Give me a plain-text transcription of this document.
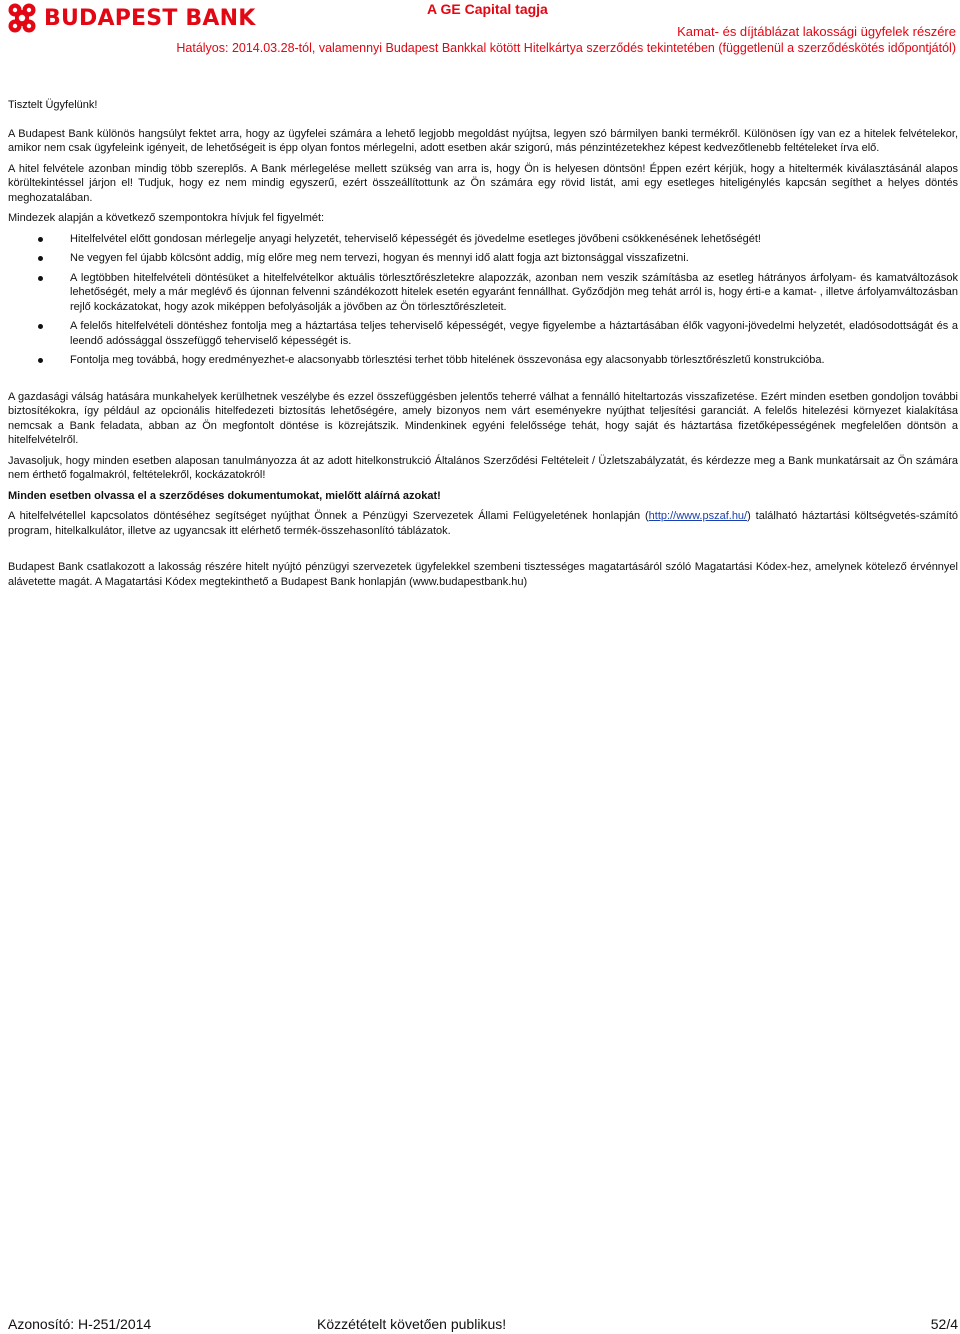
BUDAPEST BANK	A GE Capital tagja
Kamat- és díjtáblázat lakossági ügyfelek részére
Hatályos: 2014.03.28-tól, valamennyi Budapest Bankkal kötött Hitelkártya szerződés tekintetében (függetlenül a szerződéskötés időpontjától)

Tisztelt Ügyfelünk!

A Budapest Bank különös hangsúlyt fektet arra, hogy az ügyfelei számára a lehető legjobb megoldást nyújtsa, legyen szó bármilyen banki termékről. Különösen így van ez a hitelek felvételekor, amikor nem csak ügyfeleink igényeit, de lehetőségeit is épp olyan fontos mérlegelni, adott esetben akár szigorú, más pénzintézetekhez képest kedvezőtlenebb feltételeket írva elő.

A hitel felvétele azonban mindig több szereplős. A Bank mérlegelése mellett szükség van arra is, hogy Ön is helyesen döntsön! Éppen ezért kérjük, hogy a hiteltermék kiválasztásánál alapos körültekintéssel járjon el! Tudjuk, hogy ez nem mindig egyszerű, ezért összeállítottunk az Ön számára egy rövid listát, ami egy esetleges hiteligénylés kapcsán segíthet a helyes döntés meghozatalában.

Mindezek alapján a következő szempontokra hívjuk fel figyelmét:

Hitelfelvétel előtt gondosan mérlegelje anyagi helyzetét, teherviselő képességét és jövedelme esetleges jövőbeni csökkenésének lehetőségét!
Ne vegyen fel újabb kölcsönt addig, míg előre meg nem tervezi, hogyan és mennyi idő alatt fogja azt biztonsággal visszafizetni.
A legtöbben hitelfelvételi döntésüket a hitelfelvételkor aktuális törlesztőrészletekre alapozzák, azonban nem veszik számításba az esetleg hátrányos árfolyam- és kamatváltozások lehetőségét, mely a már meglévő és újonnan felvenni szándékozott hitelek esetén egyaránt fennállhat. Győződjön meg tehát arról is, hogy érti-e a kamat- , illetve árfolyamváltozásban rejlő kockázatokat, hogy azok miképpen befolyásolják a jövőben az Ön törlesztőrészleteit.
A felelős hitelfelvételi döntéshez fontolja meg a háztartása teljes teherviselő képességét, vegye figyelembe a háztartásában élők vagyoni-jövedelmi helyzetét, eladósodottságát és a leendő adóssággal összefüggő teherviselő képességét is.
Fontolja meg továbbá, hogy eredményezhet-e alacsonyabb törlesztési terhet több hitelének összevonása egy alacsonyabb törlesztőrészletű konstrukcióba.

A gazdasági válság hatására munkahelyek kerülhetnek veszélybe és ezzel összefüggésben jelentős teherré válhat a fennálló hiteltartozás visszafizetése. Ezért minden esetben gondoljon további biztosítékokra, így például az opcionális hitelfedezeti biztosítás lehetőségére, amely bizonyos nem várt eseményekre nyújthat teljesítési garanciát. A felelős hitelezési környezet kialakítása nemcsak a Bank feladata, abban az Ön megfontolt döntése is közrejátszik. Mindenkinek egyéni felelőssége tehát, hogy saját és háztartása fizetőképességének megfelelően döntsön a hitelfelvételről.

Javasoljuk, hogy minden esetben alaposan tanulmányozza át az adott hitelkonstrukció Általános Szerződési Feltételeit / Üzletszabályzatát, és kérdezze meg a Bank munkatársait az Ön számára nem érthető fogalmakról, feltételekről, kockázatokról!

Minden esetben olvassa el a szerződéses dokumentumokat, mielőtt aláírná azokat!

A hitelfelvétellel kapcsolatos döntéséhez segítséget nyújthat Önnek a Pénzügyi Szervezetek Állami Felügyeletének honlapján (http://www.pszaf.hu/) található háztartási költségvetés-számító program, hitelkalkulátor, illetve az ugyancsak itt elérhető termék-összehasonlító táblázatok.

Budapest Bank csatlakozott a lakosság részére hitelt nyújtó pénzügyi szervezetek ügyfelekkel szembeni tisztességes magatartásáról szóló Magatartási Kódex-hez, amelynek kötelező érvénnyel alávetette magát. A Magatartási Kódex megtekinthető a Budapest Bank honlapján (www.budapestbank.hu)

Azonosító: H-251/2014	Közzétételt követően publikus!	52/4
